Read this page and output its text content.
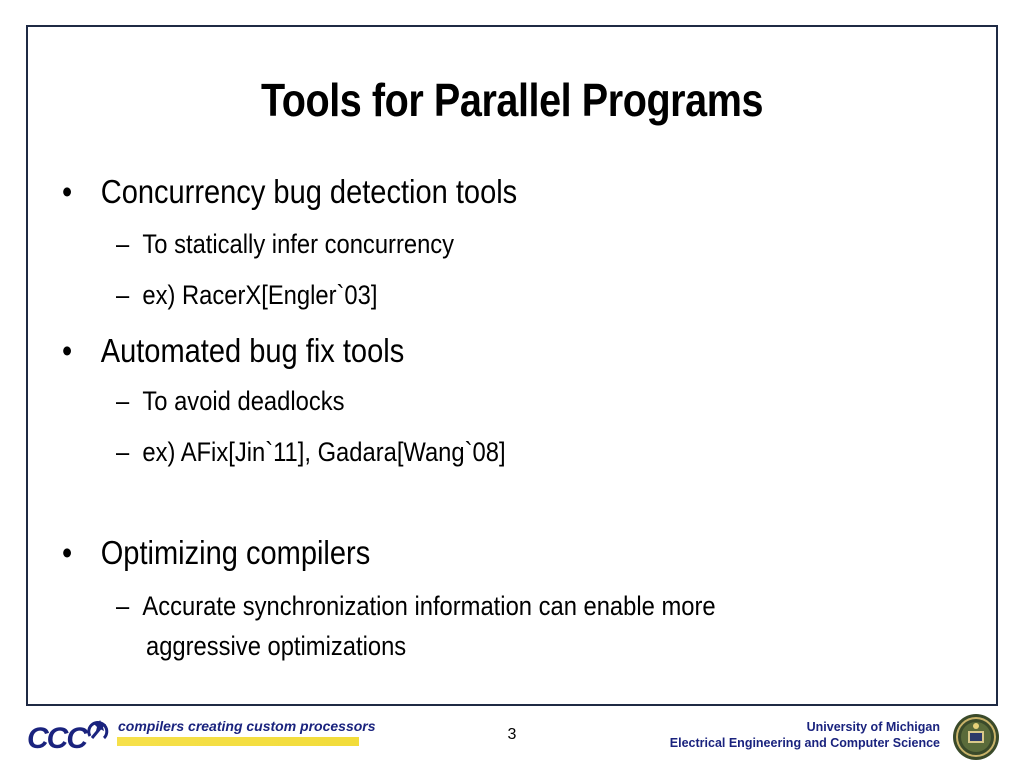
Tools for Parallel Programs
• Concurrency bug detection tools
– To statically infer concurrency
– ex) RacerX[Engler`03]
• Automated bug fix tools
– To avoid deadlocks
– ex) AFix[Jin`11], Gadara[Wang`08]
• Optimizing compilers
– Accurate synchronization information can enable more
aggressive optimizations
CCC compilers creating custom processors	3	University of Michigan
Electrical Engineering and Computer Science
